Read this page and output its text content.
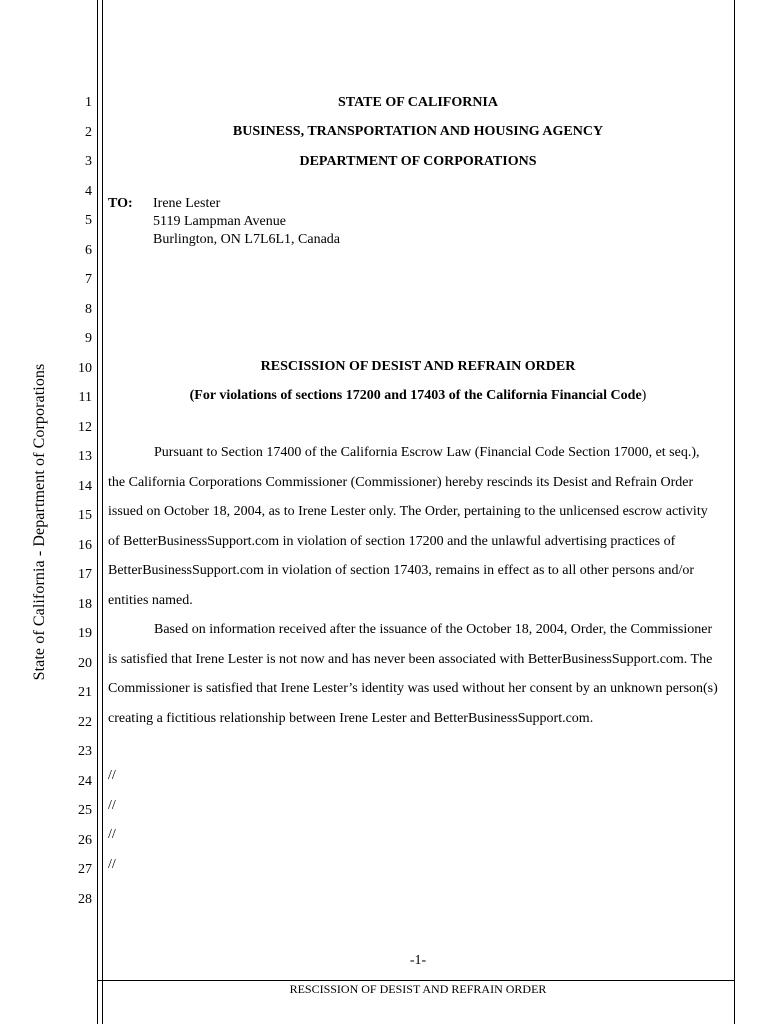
State of California - Department of Corporations
1
2
3
4
5
6
7
8
9
10
11
12
13
14
15
16
17
18
19
20
21
22
23
24
25
26
27
28
STATE OF CALIFORNIA
BUSINESS, TRANSPORTATION AND HOUSING AGENCY
DEPARTMENT OF CORPORATIONS
TO: Irene Lester
5119 Lampman Avenue
Burlington, ON L7L6L1, Canada
RESCISSION OF DESIST AND REFRAIN ORDER
(For violations of sections 17200 and 17403 of the California Financial Code)

Pursuant to Section 17400 of the California Escrow Law (Financial Code Section 17000, et seq.), the California Corporations Commissioner (Commissioner) hereby rescinds its Desist and Refrain Order issued on October 18, 2004, as to Irene Lester only. The Order, pertaining to the unlicensed escrow activity of BetterBusinessSupport.com in violation of section 17200 and the unlawful advertising practices of BetterBusinessSupport.com in violation of section 17403, remains in effect as to all other persons and/or entities named.

Based on information received after the issuance of the October 18, 2004, Order, the Commissioner is satisfied that Irene Lester is not now and has never been associated with BetterBusinessSupport.com. The Commissioner is satisfied that Irene Lester’s identity was used without her consent by an unknown person(s) creating a fictitious relationship between Irene Lester and BetterBusinessSupport.com.

//
//
//
//
-1-
RESCISSION OF DESIST AND REFRAIN ORDER
